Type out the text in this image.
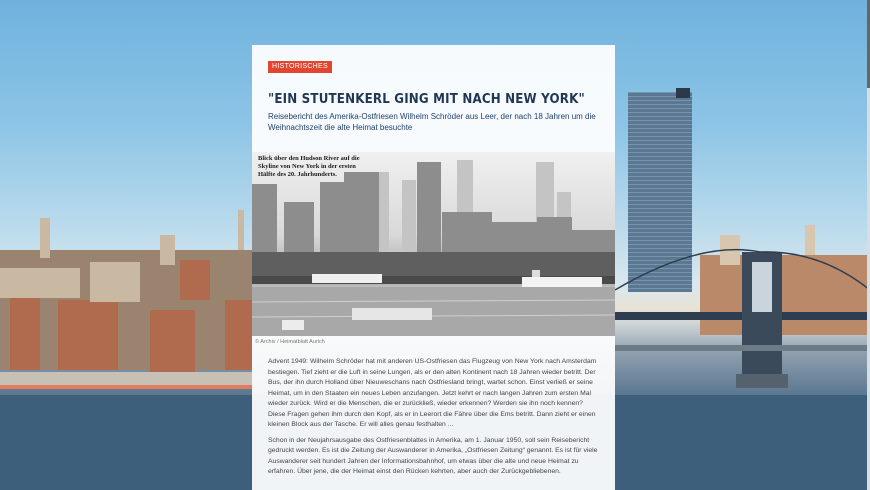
HISTORISCHES
"EIN STUTENKERL GING MIT NACH NEW YORK"

Reisebericht des Amerika-Ostfriesen Wilhelm Schröder aus Leer, der nach 18 Jahren um die Weihnachtszeit die alte Heimat besuchte

Blick über den Hudson River auf die Skyline von New York in der ersten Hälfte des 20. Jahrhunderts.
© Archiv / Heimatblatt Aurich

Advent 1949: Wilhelm Schröder hat mit anderen US-Ostfriesen das Flugzeug von New York nach Amsterdam bestiegen. Tief zieht er die Luft in seine Lungen, als er den alten Kontinent nach 18 Jahren wieder betritt. Der Bus, der ihn durch Holland über Nieuweschans nach Ostfriesland bringt, wartet schon. Einst verließ er seine Heimat, um in den Staaten ein neues Leben anzufangen. Jetzt kehrt er nach langen Jahren zum ersten Mal wieder zurück. Wird er die Menschen, die er zurückließ, wieder erkennen? Werden sie ihn noch kennen? Diese Fragen gehen ihm durch den Kopf, als er in Leerort die Fähre über die Ems betritt. Dann zieht er einen kleinen Block aus der Tasche. Er will alles genau festhalten ...

Schon in der Neujahrsausgabe des Ostfriesenblattes in Amerika, am 1. Januar 1950, soll sein Reisebericht gedruckt werden. Es ist die Zeitung der Auswanderer in Amerika, „Ostfriesen Zeitung“ genannt. Es ist für viele Auswanderer seit hundert Jahren der Informationsbahnhof, um etwas über die alte und neue Heimat zu erfahren. Über jene, die der Heimat einst den Rücken kehrten, aber auch der Zurückgebliebenen.
